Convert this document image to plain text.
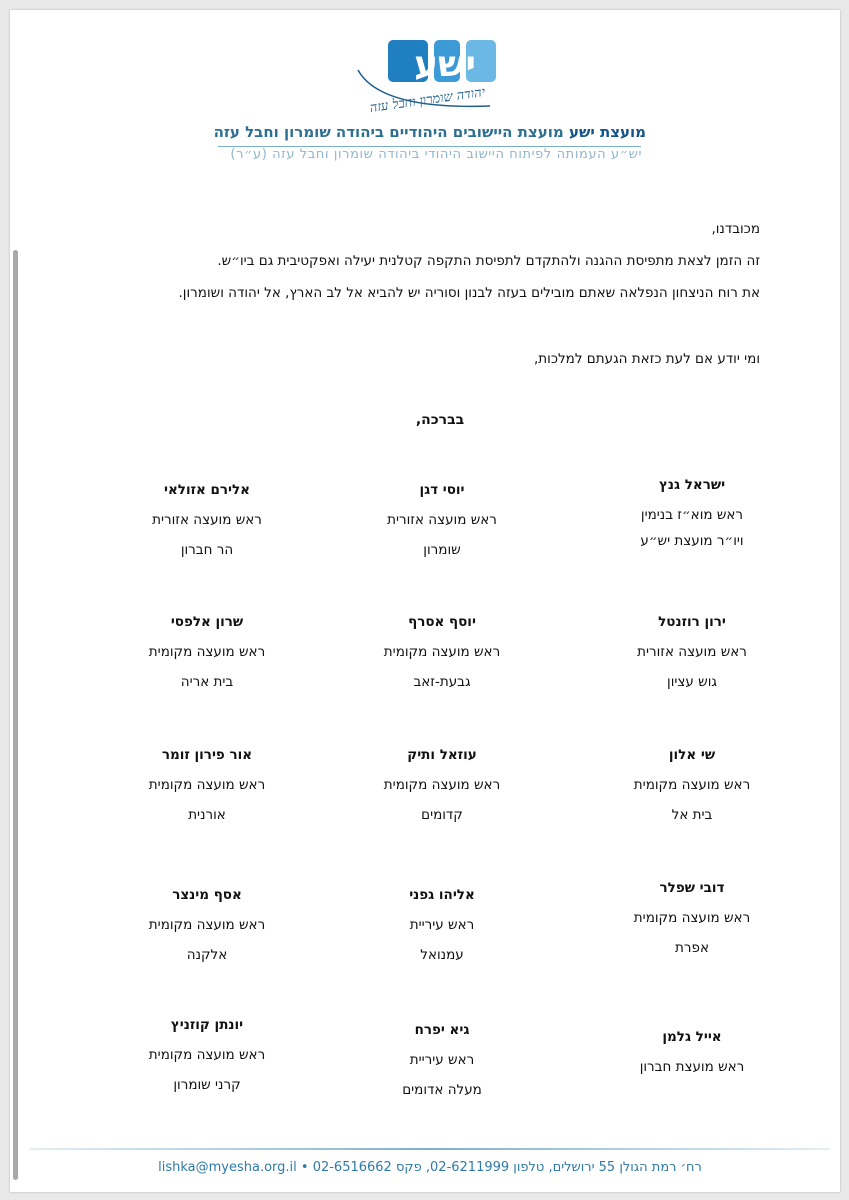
ישע
יהודה שומרון וחבל עזה
מועצת ישע מועצת היישובים היהודיים ביהודה שומרון וחבל עזה
יש״ע העמותה לפיתוח היישוב היהודי ביהודה שומרון וחבל עזה (ע״ר)

מכובדנו,

זה הזמן לצאת מתפיסת ההגנה ולהתקדם לתפיסת התקפה קטלנית יעילה ואפקטיבית גם ביו״ש.

את רוח הניצחון הנפלאה שאתם מובילים בעזה לבנון וסוריה יש להביא אל לב הארץ, אל יהודה ושומרון.

ומי יודע אם לעת כזאת הגעתם למלכות,

בברכה,
ישראל גנץ
ראש מוא״ז בנימין
ויו״ר מועצת יש״ע
יוסי דגן
ראש מועצה אזורית
שומרון
אלירם אזולאי
ראש מועצה אזורית
הר חברון
ירון רוזנטל
ראש מועצה אזורית
גוש עציון
יוסף אסרף
ראש מועצה מקומית
גבעת-זאב
שרון אלפסי
ראש מועצה מקומית
בית אריה
שי אלון
ראש מועצה מקומית
בית אל
עוזאל ותיק
ראש מועצה מקומית
קדומים
אור פירון זומר
ראש מועצה מקומית
אורנית
דובי שפלר
ראש מועצה מקומית
אפרת
אליהו גפני
ראש עיריית
עמנואל
אסף מינצר
ראש מועצה מקומית
אלקנה
אייל גלמן
ראש מועצת חברון
גיא יפרח
ראש עיריית
מעלה אדומים
יונתן קוזניץ
ראש מועצה מקומית
קרני שומרון
רח׳ רמת הגולן 55 ירושלים, טלפון 02-6211999, פקס 02-6516662 • lishka@myesha.org.il
